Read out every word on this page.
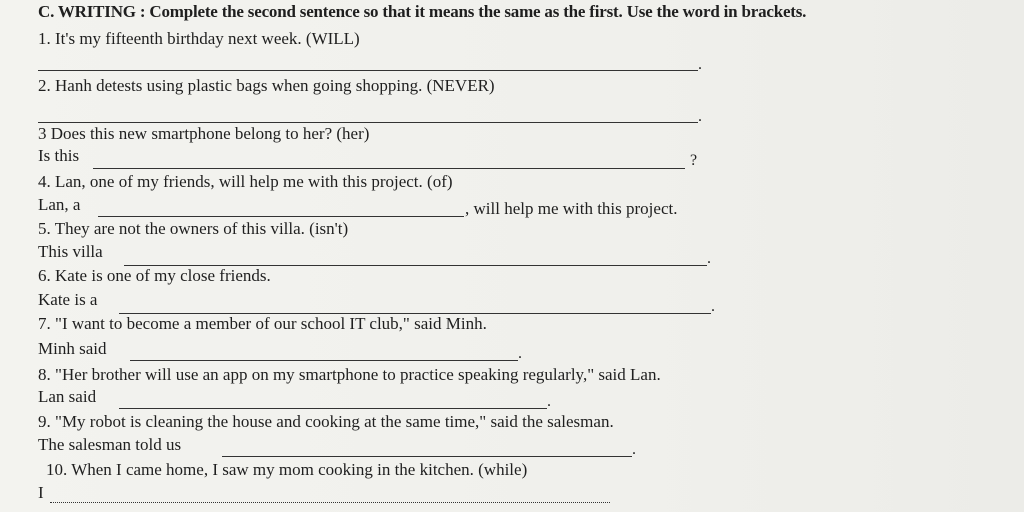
C. WRITING : Complete the second sentence so that it means the same as the first. Use the word in brackets.
1. It's my fifteenth birthday next week. (WILL)
.
2. Hanh detests using plastic bags when going shopping. (NEVER)
.
3 Does this new smartphone belong to her? (her)
Is this	?
4. Lan, one of my friends, will help me with this project. (of)
Lan, a	, will help me with this project.
5. They are not the owners of this villa. (isn't)
This villa	.
6. Kate is one of my close friends.
Kate is a	.
7. "I want to become a member of our school IT club," said Minh.
Minh said	.
8. "Her brother will use an app on my smartphone to practice speaking regularly," said Lan.
Lan said	.
9. "My robot is cleaning the house and cooking at the same time," said the salesman.
The salesman told us	.
10. When I came home, I saw my mom cooking in the kitchen. (while)
I
